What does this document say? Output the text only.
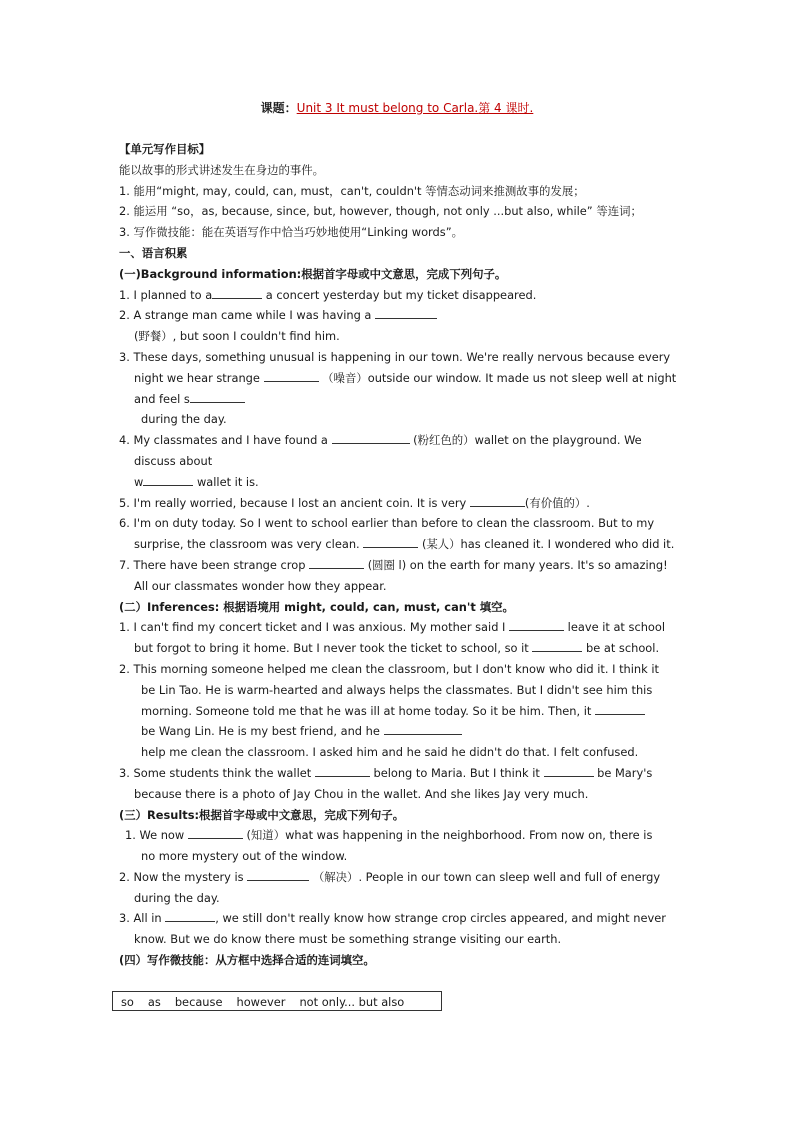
课题：Unit 3 It must belong to Carla.第 4 课时.

【单元写作目标】

能以故事的形式讲述发生在身边的事件。

1. 能用“might, may, could, can, must，can't, couldn't 等情态动词来推测故事的发展；

2. 能运用 “so，as, because, since, but, however, though, not only ...but also, while” 等连词；

3. 写作微技能：能在英语写作中恰当巧妙地使用“Linking words”。

一、语言积累

(一)Background information:根据首字母或中文意思，完成下列句子。

1. I planned to a	a concert yesterday but my ticket disappeared.

2. A strange man came while I was having a

(野餐）, but soon I couldn't find him.

3. These days, something unusual is happening in our town. We're really nervous because every night we hear strange	（噪音）outside our window. It made us not sleep well at night and feel s

during the day.

4. My classmates and I have found a	(粉红色的）wallet on the playground. We discuss about

w	wallet it is.

5. I'm really worried, because I lost an ancient coin. It is very	(有价值的）.

6. I'm on duty today. So I went to school earlier than before to clean the classroom. But to my surprise, the classroom was very clean.	(某人）has cleaned it. I wondered who did it.

7. There have been strange crop	(圆圈 l) on the earth for many years. It's so amazing!

All our classmates wonder how they appear.

(二）Inferences: 根据语境用 might, could, can, must, can't 填空。

1. I can't find my concert ticket and I was anxious. My mother said I	leave it at school

but forgot to bring it home. But I never took the ticket to school, so it	be at school.

2. This morning someone helped me clean the classroom, but I don't know who did it. I think it

be Lin Tao. He is warm-hearted and always helps the classmates. But I didn't see him this

morning. Someone told me that he was ill at home today. So it be him. Then, it

be Wang Lin. He is my best friend, and he

help me clean the classroom. I asked him and he said he didn't do that. I felt confused.

3. Some students think the wallet	belong to Maria. But I think it	be Mary's

because there is a photo of Jay Chou in the wallet. And she likes Jay very much.

(三）Results:根据首字母或中文意思，完成下列句子。

1. We now	(知道）what was happening in the neighborhood. From now on, there is

no more mystery out of the window.

2. Now the mystery is	（解决）. People in our town can sleep well and full of energy

during the day.

3. All in	, we still don't really know how strange crop circles appeared, and might never

know. But we do know there must be something strange visiting our earth.

(四）写作微技能：从方框中选择合适的连词填空。

so as because however not only... but also
